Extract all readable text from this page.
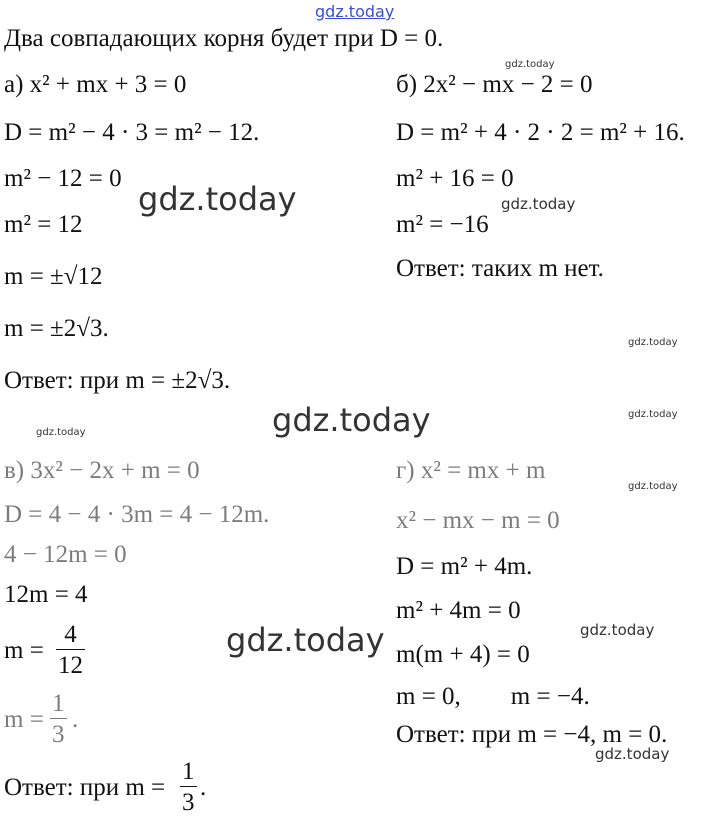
gdz.today
gdz.today
gdz.today
gdz.today
gdz.today
gdz.today
gdz.today
gdz.today
gdz.today
gdz.today
gdz.today
gdz.today
Два совпадающих корня будет при D = 0.
а) x² + mx + 3 = 0
D = m² − 4 · 3 = m² − 12.
m² − 12 = 0
m² = 12
m = ±√12
m = ±2√3.
Ответ: при m = ±2√3.
б) 2x² − mx − 2 = 0
D = m² + 4 · 2 · 2 = m² + 16.
m² + 16 = 0
m² = −16
Ответ: таких m нет.
в) 3x² − 2x + m = 0
D = 4 − 4 · 3m = 4 − 12m.
4 − 12m = 0
12m = 4
$m = \frac{4}{12}$
$m = \frac{1}{3}$ .
Ответ: при $m = \frac{1}{3}$ .
г) x² = mx + m
x² − mx − m = 0
D = m² + 4m.
m² + 4m = 0
m(m + 4) = 0
m = 0,        m = −4.
Ответ: при m = −4, m = 0.
